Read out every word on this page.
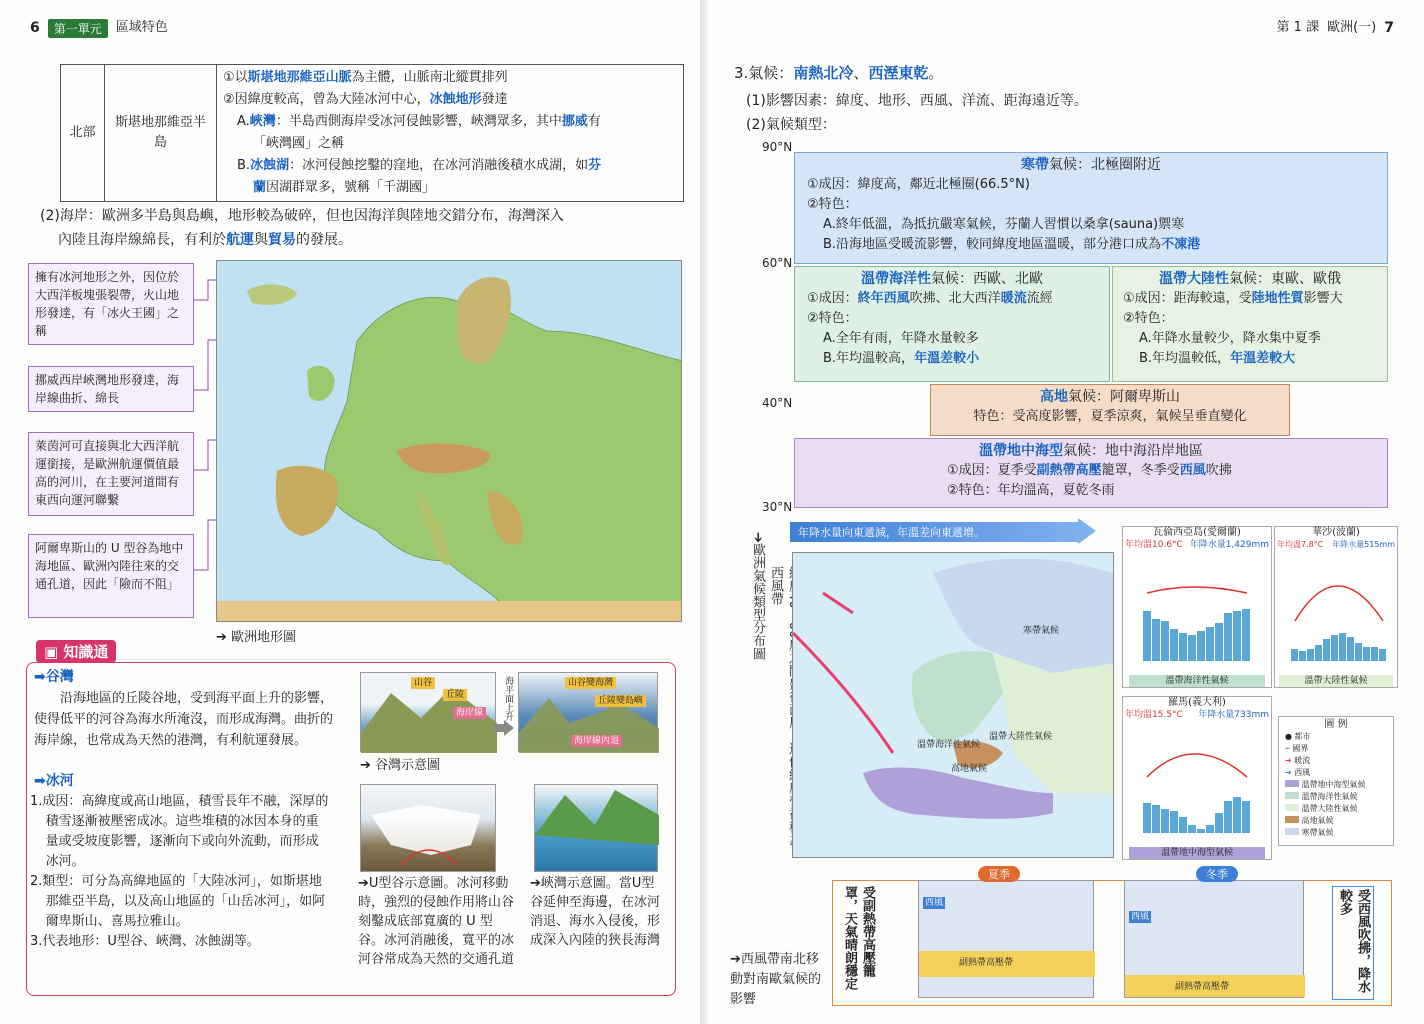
6	第一單元	區域特色
北部	斯堪地那維亞半島	
①以斯堪地那維亞山脈為主體，山脈南北縱貫排列
②因緯度較高，曾為大陸冰河中心，冰蝕地形發達
A.峽灣：半島西側海岸受冰河侵蝕影響，峽灣眾多，其中挪威有
「峽灣國」之稱
B.冰蝕湖：冰河侵蝕挖鑿的窪地，在冰河消融後積水成湖，如芬
蘭因湖群眾多，號稱「千湖國」
(2)海岸：歐洲多半島與島嶼，地形較為破碎，但也因海洋與陸地交錯分布，海灣深入
內陸且海岸線綿長，有利於航運與貿易的發展。
擁有冰河地形之外，因位於大西洋板塊張裂帶，火山地形發達，有「冰火王國」之稱
挪威西岸峽灣地形發達，海岸線曲折、綿長
萊茵河可直接與北大西洋航運銜接，是歐洲航運價值最高的河川，在主要河道間有東西向運河聯繫
阿爾卑斯山的 U 型谷為地中海地區、歐洲內陸往來的交通孔道，因此「險而不阻」
➔ 歐洲地形圖
▣ 知識通
➡谷灣
沿海地區的丘陵谷地，受到海平面上升的影響，使得低平的河谷為海水所淹沒，而形成海灣。曲折的海岸線，也常成為天然的港灣，有利航運發展。
山谷
丘陵
海岸線	海平面上升	山谷變海灣
丘陵變島嶼
海岸線內退
➔ 谷灣示意圖
➡冰河
1.成因：高緯度或高山地區，積雪長年不融，深厚的積雪逐漸被壓密成冰。這些堆積的冰因本身的重量或受坡度影響，逐漸向下或向外流動，而形成冰河。
2.類型：可分為高緯地區的「大陸冰河」，如斯堪地那維亞半島，以及高山地區的「山岳冰河」，如阿爾卑斯山、喜馬拉雅山。
3.代表地形：U型谷、峽灣、冰蝕湖等。
➔U型谷示意圖。冰河移動時，強烈的侵蝕作用將山谷刻鑿成底部寬廣的 U 型谷。冰河消融後，寬平的冰河谷常成為天然的交通孔道
➔峽灣示意圖。當U型谷延伸至海邊，在冰河消退、海水入侵後，形成深入內陸的狹長海灣
第 1 課 歐洲(一) 7
3.氣候：南熱北冷、西溼東乾。
(1)影響因素：緯度、地形、西風、洋流、距海遠近等。
(2)氣候類型：
90°N
60°N
40°N
30°N
寒帶氣候：北極圈附近
①成因：緯度高，鄰近北極圈(66.5°N)
②特色：
A.終年低溫，為抵抗嚴寒氣候，芬蘭人習慣以桑拿(sauna)禦寒
B.沿海地區受暖流影響，較同緯度地區溫暖，部分港口成為不凍港
溫帶海洋性氣候：西歐、北歐
①成因：終年西風吹拂、北大西洋暖流流經
②特色：
A.全年有雨，年降水量較多
B.年均溫較高，年溫差較小
溫帶大陸性氣候：東歐、歐俄
①成因：距海較遠，受陸地性質影響大
②特色：
A.年降水量較少，降水集中夏季
B.年均溫較低，年溫差較大
高地氣候：阿爾卑斯山
特色：受高度影響，夏季涼爽，氣候呈垂直變化
溫帶地中海型氣候：地中海沿岸地區
①成因：夏季受副熱帶高壓籠罩，冬季受西風吹拂
②特色：年均溫高，夏乾冬雨
年降水量向東遞減，年溫差向東遞增。
➔歐洲氣候類型分布圖 西風帶
寒帶氣候
溫帶海洋性氣候
溫帶大陸性氣候
高地氣候
瓦倫西亞島(愛爾蘭)
年均溫10.6°C 年降水量1,429mm
溫帶海洋性氣候
華沙(波蘭)
年均溫7.8°C 年降水量515mm
溫帶大陸性氣候
羅馬(義大利)
年均溫15.5°C 年降水量733mm
溫帶地中海型氣候
圖 例
● 都市
┄ 國界
➜ 暖流
➜ 西風
溫帶地中海型氣候
溫帶海洋性氣候
溫帶大陸性氣候
高地氣候
寒帶氣候
受副熱帶高壓籠罩，天氣晴朗穩定	副熱帶高壓帶
西風
夏季
副熱帶高壓帶
西風
冬季
受西風吹拂，降水較多
➔西風帶南北移動對南歐氣候的影響
